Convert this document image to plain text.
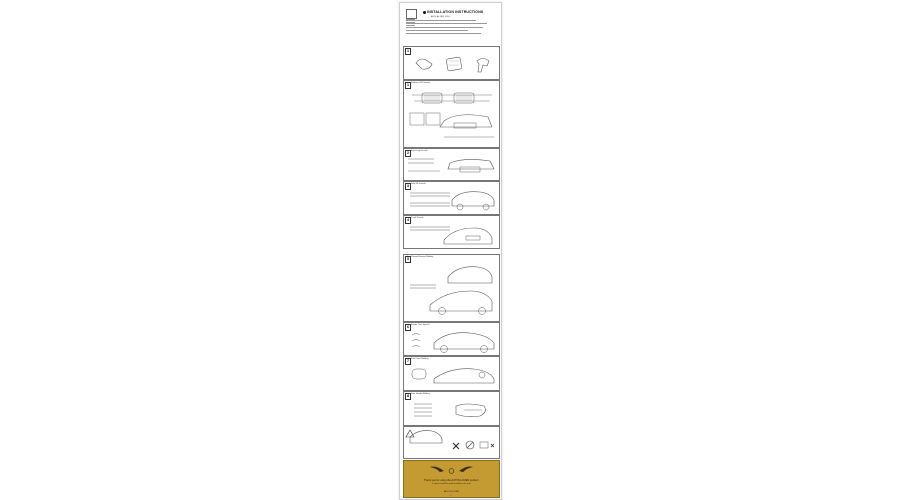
INSTALLATION INSTRUCTIONS
AUDI A4 (B9) 2016-
1
1	Radiator Grill Garnish
2	Fog Lamp Garnish
3	Side Sill Garnish
4	Trunk Garnish
5	Chrome Bumper Molding
6	Fender Trim Garnish
7	Fuel Cover Molding
8	Door Handle Molding
Thank you for using the AUTOCLOVER product.
Complete installation guide available on the web.
AUTOCLOVER
1/1
